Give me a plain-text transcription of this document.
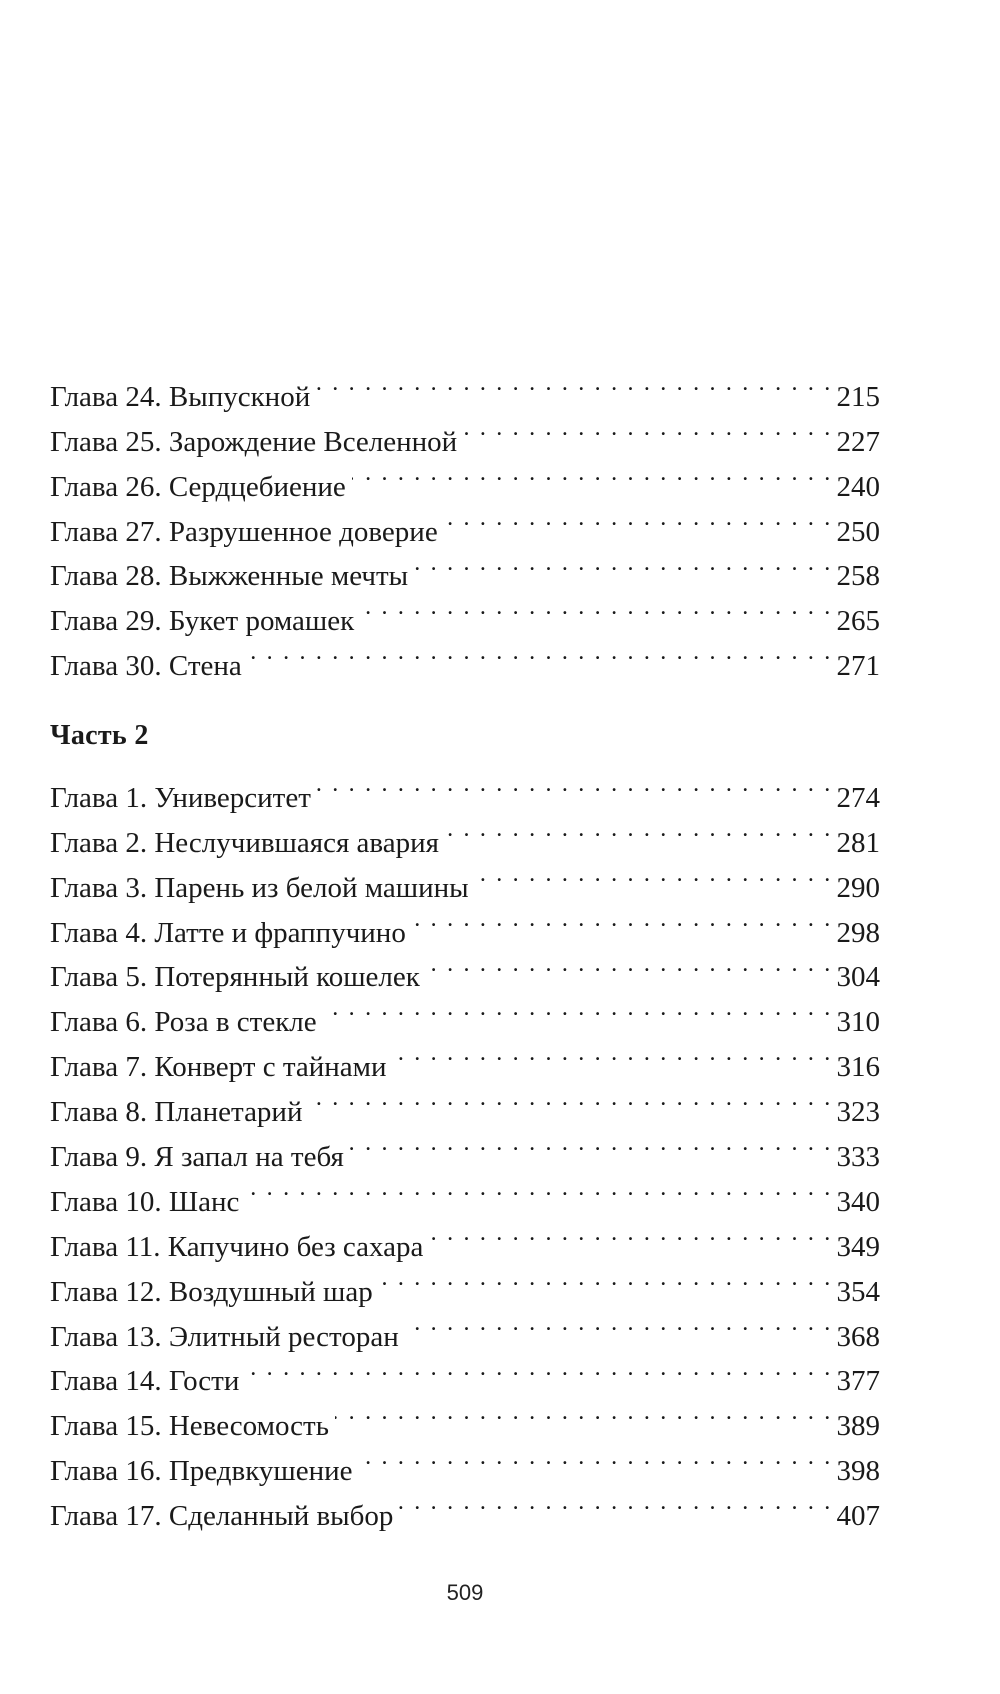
Глава 24. Выпускной . . .	215
Глава 25. Зарождение Вселенной . . .	227
Глава 26. Сердцебиение . . .	240
Глава 27. Разрушенное доверие . . .	250
Глава 28. Выжженные мечты . . .	258
Глава 29. Букет ромашек . . .	265
Глава 30. Стена . . .	271
Часть 2
Глава 1. Университет . . .	274
Глава 2. Неслучившаяся авария . . .	281
Глава 3. Парень из белой машины . . .	290
Глава 4. Латте и фраппучино . . .	298
Глава 5. Потерянный кошелек . . .	304
Глава 6. Роза в стекле . . .	310
Глава 7. Конверт с тайнами . . .	316
Глава 8. Планетарий . . .	323
Глава 9. Я запал на тебя . . .	333
Глава 10. Шанс . . .	340
Глава 11. Капучино без сахара . . .	349
Глава 12. Воздушный шар . . .	354
Глава 13. Элитный ресторан . . .	368
Глава 14. Гости . . .	377
Глава 15. Невесомость . . .	389
Глава 16. Предвкушение . . .	398
Глава 17. Сделанный выбор . . .	407
509
